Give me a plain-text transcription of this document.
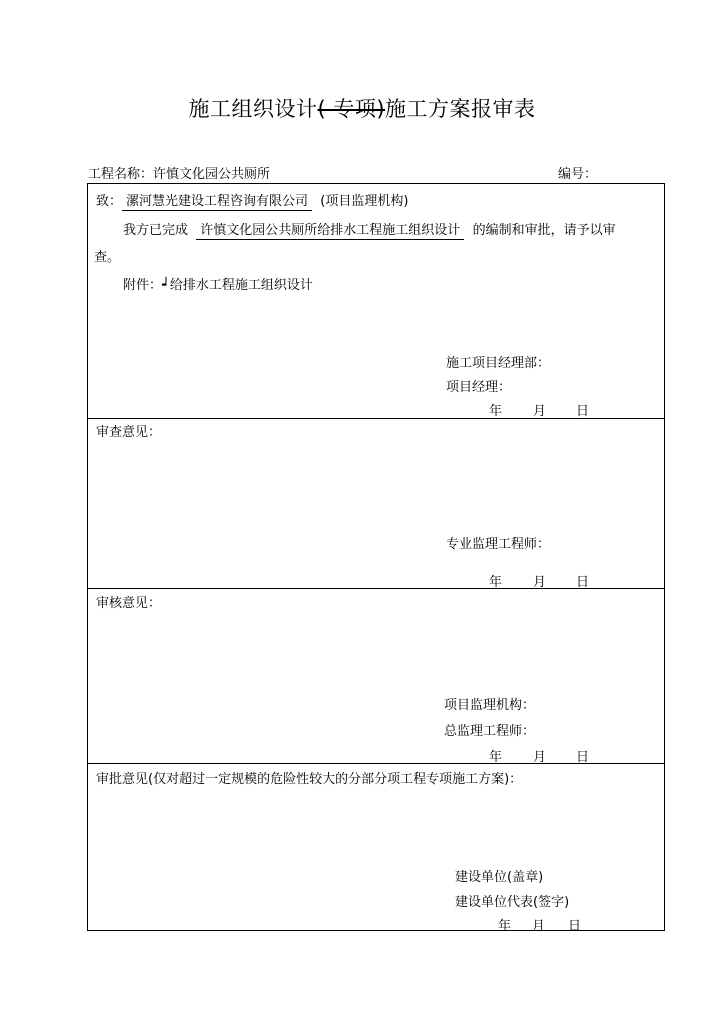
施工组织设计( 专项)施工方案报审表
工程名称：许慎文化园公共厕所	编号：
致： 漯河慧光建设工程咨询有限公司 (项目监理机构)
我方已完成 许慎文化园公共厕所给排水工程施工组织设计 的编制和审批，请予以审
查。
附件：┙给排水工程施工组织设计
施工项目经理部：
项目经理：
年 月 日
审查意见：
专业监理工程师：
年 月 日
审核意见：
项目监理机构：
总监理工程师：
年 月 日
审批意见(仅对超过一定规模的危险性较大的分部分项工程专项施工方案)：
建设单位(盖章)
建设单位代表(签字)
年 月 日
